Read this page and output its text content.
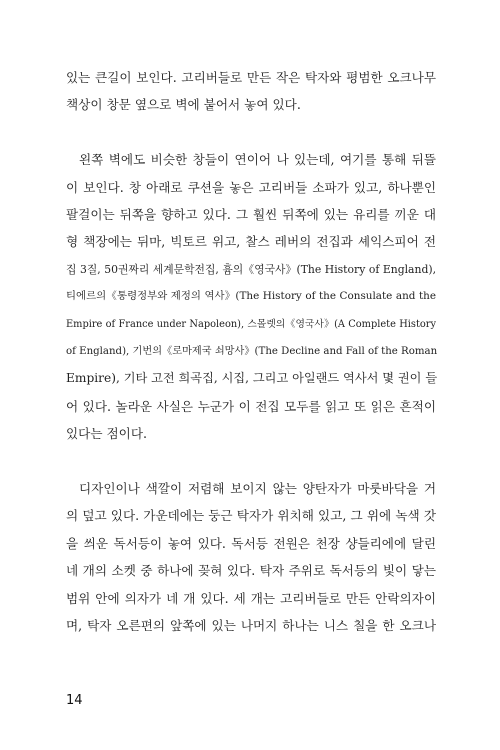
있는 큰길이 보인다. 고리버들로 만든 작은 탁자와 평범한 오크나무

책상이 창문 옆으로 벽에 붙어서 놓여 있다.

왼쪽 벽에도 비슷한 창들이 연이어 나 있는데, 여기를 통해 뒤뜰

이 보인다. 창 아래로 쿠션을 놓은 고리버들 소파가 있고, 하나뿐인

팔걸이는 뒤쪽을 향하고 있다. 그 훨씬 뒤쪽에 있는 유리를 끼운 대

형 책장에는 뒤마, 빅토르 위고, 찰스 레버의 전집과 셰익스피어 전

집 3질, 50권짜리 세계문학전집, 흄의《영국사》(The History of England),

티에르의《통령정부와 제정의 역사》(The History of the Consulate and the

Empire of France under Napoleon), 스몰렛의《영국사》(A Complete History

of England), 기번의《로마제국 쇠망사》(The Decline and Fall of the Roman

Empire), 기타 고전 희곡집, 시집, 그리고 아일랜드 역사서 몇 권이 들

어 있다. 놀라운 사실은 누군가 이 전집 모두를 읽고 또 읽은 흔적이

있다는 점이다.

디자인이나 색깔이 저렴해 보이지 않는 양탄자가 마룻바닥을 거

의 덮고 있다. 가운데에는 둥근 탁자가 위치해 있고, 그 위에 녹색 갓

을 씌운 독서등이 놓여 있다. 독서등 전원은 천장 샹들리에에 달린

네 개의 소켓 중 하나에 꽂혀 있다. 탁자 주위로 독서등의 빛이 닿는

범위 안에 의자가 네 개 있다. 세 개는 고리버들로 만든 안락의자이

며, 탁자 오른편의 앞쪽에 있는 나머지 하나는 니스 칠을 한 오크나

14
